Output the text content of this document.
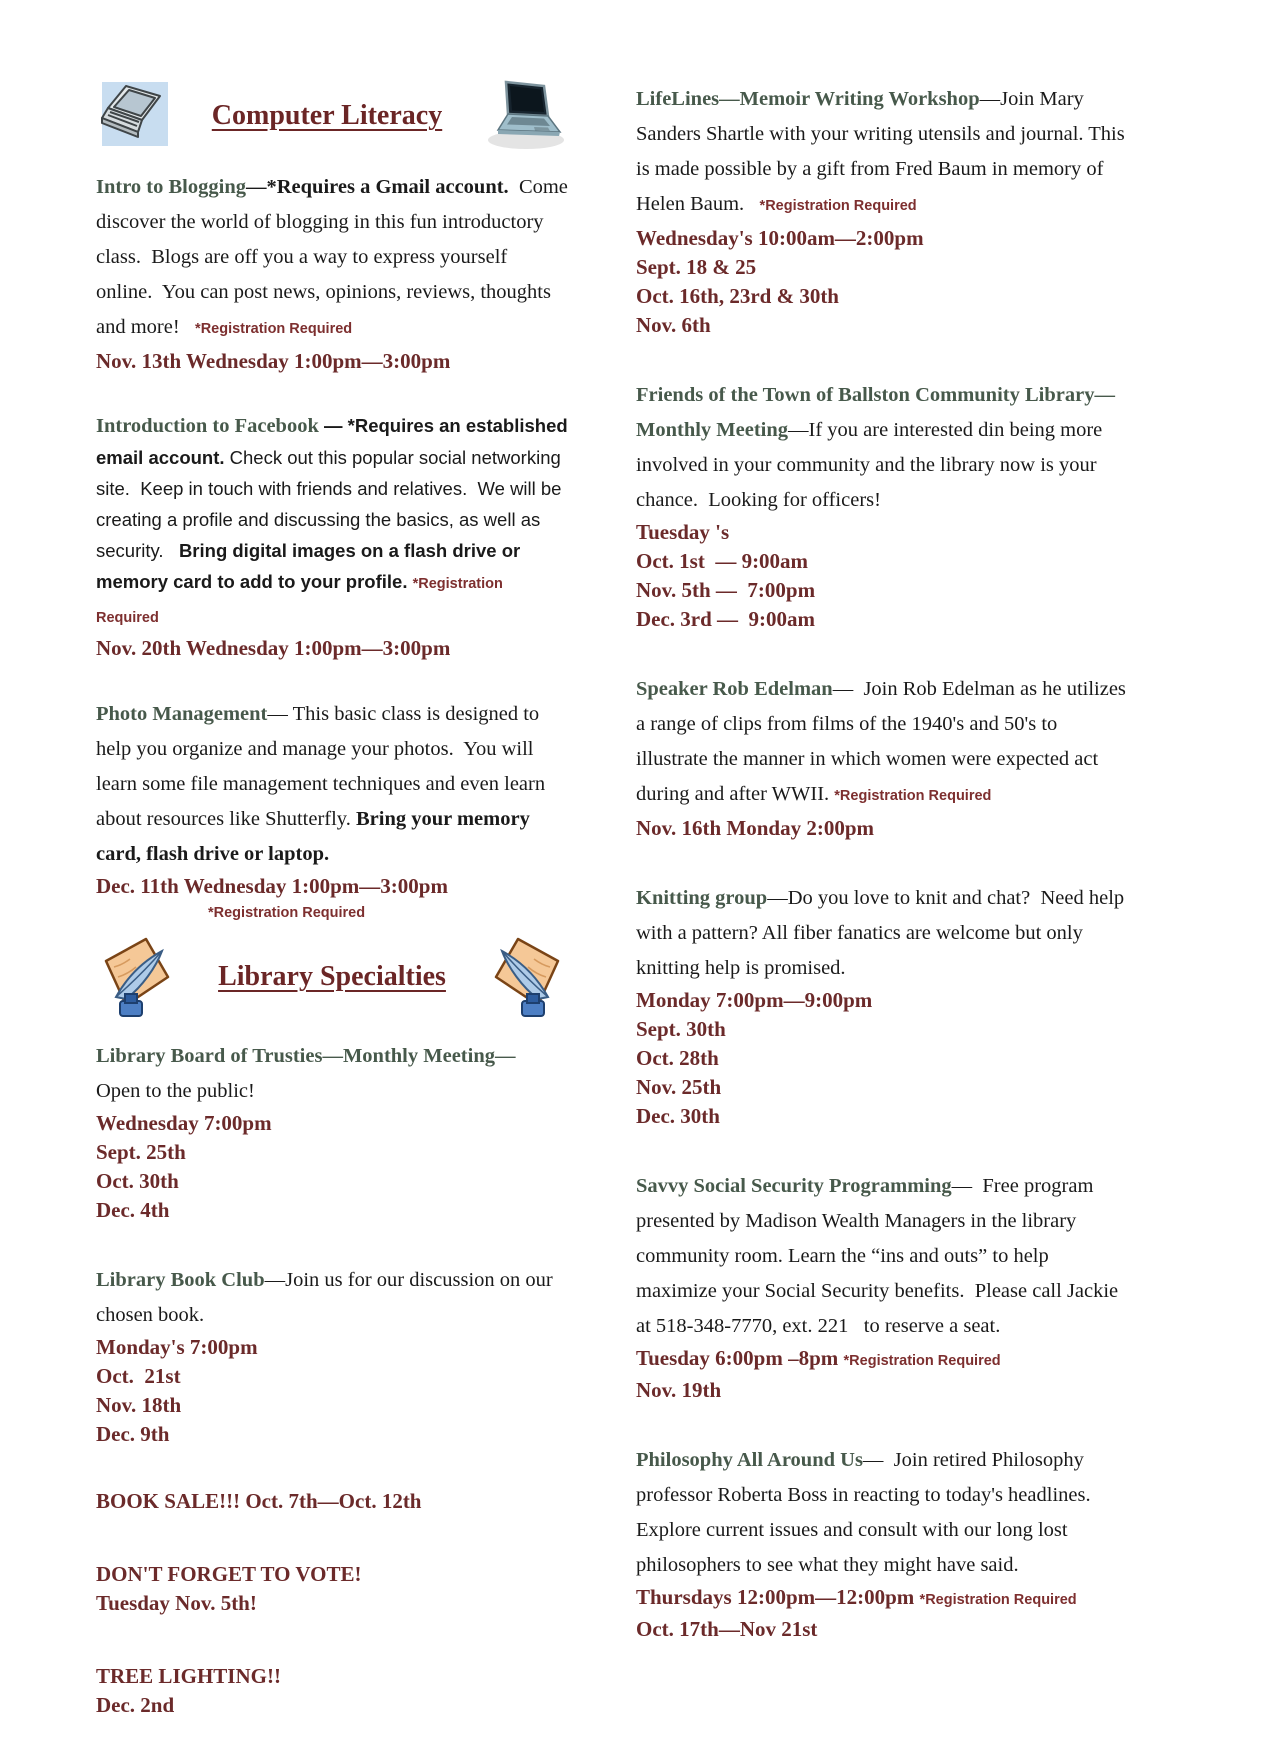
Computer Literacy

Intro to Blogging—*Requires a Gmail account.  Come discover the world of blogging in this fun introductory class.  Blogs are off you a way to express yourself online.  You can post news, opinions, reviews, thoughts and more!   *Registration Required

Nov. 13th Wednesday 1:00pm—3:00pm

Introduction to Facebook — *Requires an established email account. Check out this popular social networking site.  Keep in touch with friends and relatives.  We will be creating a profile and discussing the basics, as well as security.   Bring digital images on a flash drive or memory card to add to your profile. *Registration Required

Nov. 20th Wednesday 1:00pm—3:00pm

Photo Management— This basic class is designed to help you organize and manage your photos.  You will learn some file management techniques and even learn about resources like Shutterfly. Bring your memory card, flash drive or laptop.

Dec. 11th Wednesday 1:00pm—3:00pm

*Registration Required
Library Specialties

Library Board of Trusties—Monthly Meeting—

Open to the public!

Wednesday 7:00pm

Sept. 25th

Oct. 30th

Dec. 4th

Library Book Club—Join us for our discussion on our chosen book.

Monday's 7:00pm

Oct.  21st

Nov. 18th

Dec. 9th

BOOK SALE!!! Oct. 7th—Oct. 12th

DON'T FORGET TO VOTE!

Tuesday Nov. 5th!

TREE LIGHTING!!

Dec. 2nd

LifeLines—Memoir Writing Workshop—Join Mary Sanders Shartle with your writing utensils and journal. This is made possible by a gift from Fred Baum in memory of Helen Baum.   *Registration Required

Wednesday's 10:00am—2:00pm

Sept. 18 & 25

Oct. 16th, 23rd & 30th

Nov. 6th

Friends of the Town of Ballston Community Library— Monthly Meeting—If you are interested din being more involved in your community and the library now is your chance.  Looking for officers!

Tuesday 's

Oct. 1st  — 9:00am

Nov. 5th —  7:00pm

Dec. 3rd —  9:00am

Speaker Rob Edelman—  Join Rob Edelman as he utilizes a range of clips from films of the 1940's and 50's to illustrate the manner in which women were expected act during and after WWII. *Registration Required

Nov. 16th Monday 2:00pm

Knitting group—Do you love to knit and chat?  Need help with a pattern? All fiber fanatics are welcome but only knitting help is promised.

Monday 7:00pm—9:00pm

Sept. 30th

Oct. 28th

Nov. 25th

Dec. 30th

Savvy Social Security Programming—  Free program presented by Madison Wealth Managers in the library community room. Learn the “ins and outs” to help maximize your Social Security benefits.  Please call Jackie at 518-348-7770, ext. 221   to reserve a seat.

Tuesday 6:00pm –8pm *Registration Required

Nov. 19th

Philosophy All Around Us—  Join retired Philosophy professor Roberta Boss in reacting to today's headlines. Explore current issues and consult with our long lost philosophers to see what they might have said.

Thursdays 12:00pm—12:00pm *Registration Required

Oct. 17th—Nov 21st
